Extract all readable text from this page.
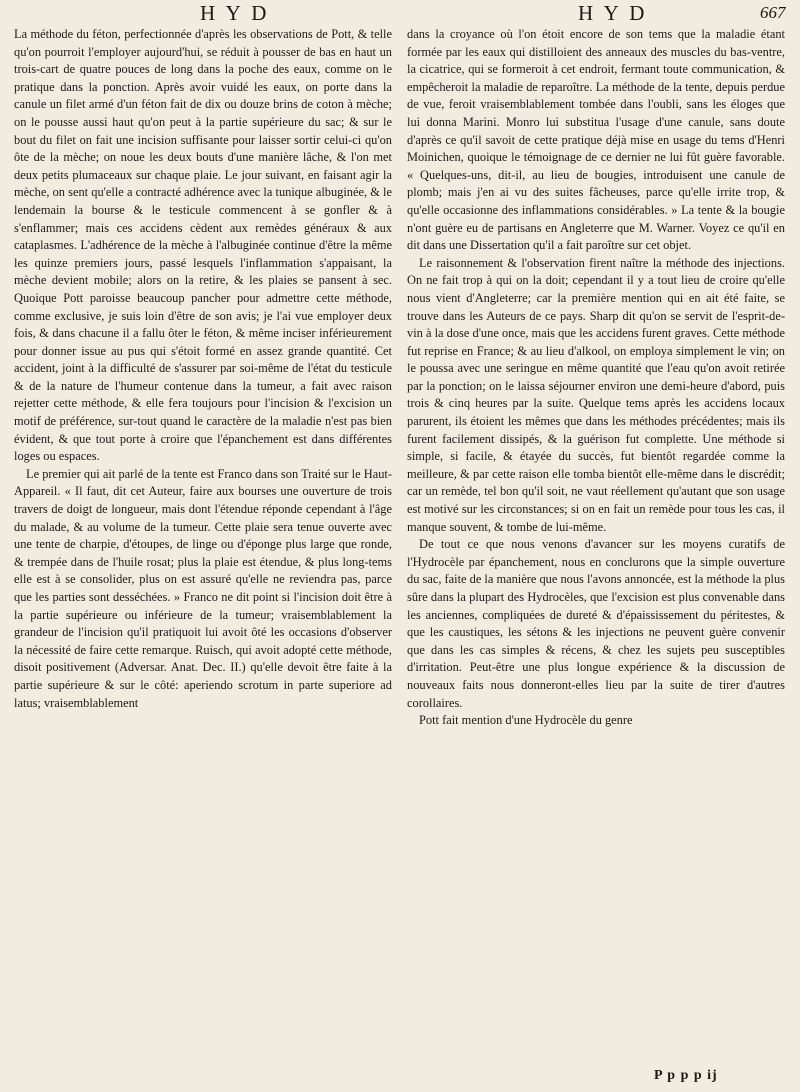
H Y D	H Y D	667

La méthode du féton, perfectionnée d'après les observations de Pott, & telle qu'on pourroit l'employer aujourd'hui, se réduit à pousser de bas en haut un trois-cart de quatre pouces de long dans la poche des eaux, comme on le pratique dans la ponction. Après avoir vuidé les eaux, on porte dans la canule un filet armé d'un féton fait de dix ou douze brins de coton à mèche; on le pousse aussi haut qu'on peut à la partie supérieure du sac; & sur le bout du filet on fait une incision suffisante pour laisser sortir celui-ci qu'on ôte de la mèche; on noue les deux bouts d'une manière lâche, & l'on met deux petits plumaceaux sur chaque plaie. Le jour suivant, en faisant agir la mèche, on sent qu'elle a contracté adhérence avec la tunique albuginée, & le lendemain la bourse & le testicule commencent à se gonfler & à s'enflammer; mais ces accidens cèdent aux remèdes généraux & aux cataplasmes. L'adhérence de la mèche à l'albuginée continue d'être la même les quinze premiers jours, passé lesquels l'inflammation s'appaisant, la mèche devient mobile; alors on la retire, & les plaies se pansent à sec. Quoique Pott paroisse beaucoup pancher pour admettre cette méthode, comme exclusive, je suis loin d'être de son avis; je l'ai vue employer deux fois, & dans chacune il a fallu ôter le féton, & même inciser inférieurement pour donner issue au pus qui s'étoit formé en assez grande quantité. Cet accident, joint à la difficulté de s'assurer par soi-même de l'état du testicule & de la nature de l'humeur contenue dans la tumeur, a fait avec raison rejetter cette méthode, & elle fera toujours pour l'incision & l'excision un motif de préférence, sur-tout quand le caractère de la maladie n'est pas bien évident, & que tout porte à croire que l'épanchement est dans différentes loges ou espaces.

Le premier qui ait parlé de la tente est Franco dans son Traité sur le Haut-Appareil. « Il faut, dit cet Auteur, faire aux bourses une ouverture de trois travers de doigt de longueur, mais dont l'étendue réponde cependant à l'âge du malade, & au volume de la tumeur. Cette plaie sera tenue ouverte avec une tente de charpie, d'étoupes, de linge ou d'éponge plus large que ronde, & trempée dans de l'huile rosat; plus la plaie est étendue, & plus long-tems elle est à se consolider, plus on est assuré qu'elle ne reviendra pas, parce que les parties sont desséchées. » Franco ne dit point si l'incision doit être à la partie supérieure ou inférieure de la tumeur; vraisemblablement la grandeur de l'incision qu'il pratiquoit lui avoit ôté les occasions d'observer la nécessité de faire cette remarque. Ruisch, qui avoit adopté cette méthode, disoit positivement (Adversar. Anat. Dec. II.) qu'elle devoit être faite à la partie supérieure & sur le côté: aperiendo scrotum in parte superiore ad latus; vraisemblablement

dans la croyance où l'on étoit encore de son tems que la maladie étant formée par les eaux qui distilloient des anneaux des muscles du bas-ventre, la cicatrice, qui se formeroit à cet endroit, fermant toute communication, & empêcheroit la maladie de reparoître. La méthode de la tente, depuis perdue de vue, feroit vraisemblablement tombée dans l'oubli, sans les éloges que lui donna Marini. Monro lui substitua l'usage d'une canule, sans doute d'après ce qu'il savoit de cette pratique déjà mise en usage du tems d'Henri Moinichen, quoique le témoignage de ce dernier ne lui fût guère favorable. « Quelques-uns, dit-il, au lieu de bougies, introduisent une canule de plomb; mais j'en ai vu des suites fâcheuses, parce qu'elle irrite trop, & qu'elle occasionne des inflammations considérables. » La tente & la bougie n'ont guère eu de partisans en Angleterre que M. Warner. Voyez ce qu'il en dit dans une Dissertation qu'il a fait paroître sur cet objet.

Le raisonnement & l'observation firent naître la méthode des injections. On ne fait trop à qui on la doit; cependant il y a tout lieu de croire qu'elle nous vient d'Angleterre; car la première mention qui en ait été faite, se trouve dans les Auteurs de ce pays. Sharp dit qu'on se servit de l'esprit-de-vin à la dose d'une once, mais que les accidens furent graves. Cette méthode fut reprise en France; & au lieu d'alkool, on employa simplement le vin; on le poussa avec une seringue en même quantité que l'eau qu'on avoit retirée par la ponction; on le laissa séjourner environ une demi-heure d'abord, puis trois & cinq heures par la suite. Quelque tems après les accidens locaux parurent, ils étoient les mêmes que dans les méthodes précédentes; mais ils furent facilement dissipés, & la guérison fut complette. Une méthode si simple, si facile, & étayée du succès, fut bientôt regardée comme la meilleure, & par cette raison elle tomba bientôt elle-même dans le discrédit; car un remède, tel bon qu'il soit, ne vaut réellement qu'autant que son usage est motivé sur les circonstances; si on en fait un remède pour tous les cas, il manque souvent, & tombe de lui-même.

De tout ce que nous venons d'avancer sur les moyens curatifs de l'Hydrocèle par épanchement, nous en conclurons que la simple ouverture du sac, faite de la manière que nous l'avons annoncée, est la méthode la plus sûre dans la plupart des Hydrocèles, que l'excision est plus convenable dans les anciennes, compliquées de dureté & d'épaississement du péritestes, & que les caustiques, les sétons & les injections ne peuvent guère convenir que dans les cas simples & récens, & chez les sujets peu susceptibles d'irritation. Peut-être une plus longue expérience & la discussion de nouveaux faits nous donneront-elles lieu par la suite de tirer d'autres corollaires.

Pott fait mention d'une Hydrocèle du genre

P p p p ij
